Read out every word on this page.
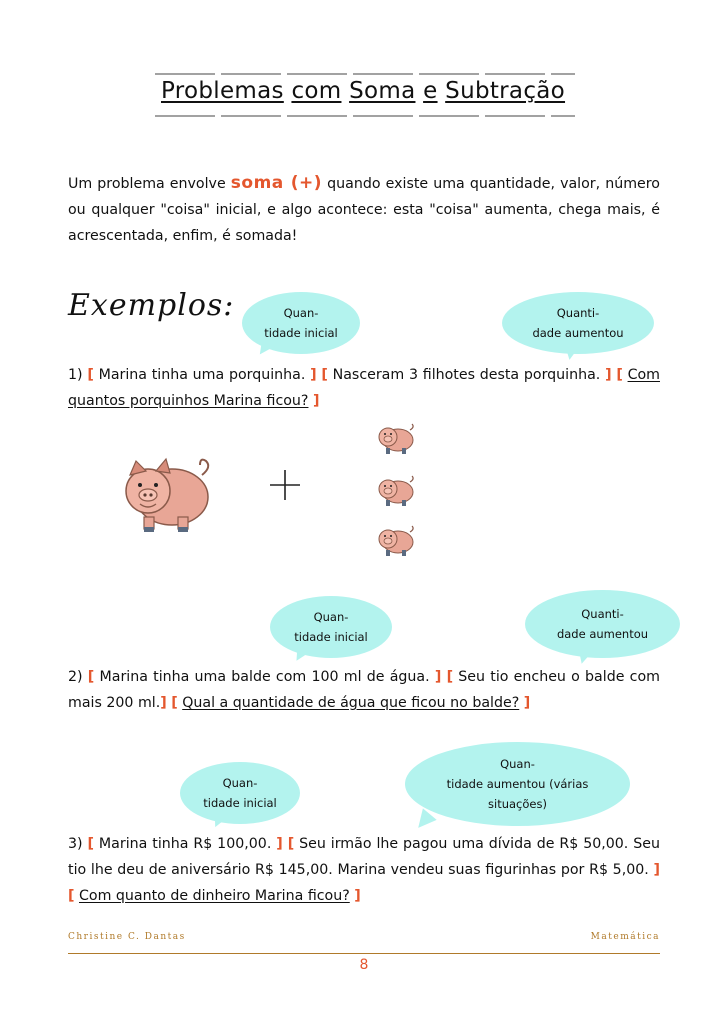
Problemas com Soma e Subtração
Um problema envolve soma (+) quando existe uma quantidade, valor, número ou qualquer "coisa" inicial, e algo acontece: esta "coisa" aumenta, chega mais, é acrescentada, enfim, é somada!
Exemplos:	Quan-
tidade inicial
Quanti-
dade aumentou
1) [ Marina tinha uma porquinha. ] [ Nasceram 3 filhotes desta porquinha. ] [ Com quantos porquinhos Marina ficou? ]
Quan-
tidade inicial
Quanti-
dade aumentou
2) [ Marina tinha uma balde com 100 ml de água. ] [ Seu tio encheu o balde com mais 200 ml.] [ Qual a quantidade de água que ficou no balde? ]
Quan-
tidade inicial
Quan-
tidade aumentou (várias
situações)
3) [ Marina tinha R$ 100,00. ] [ Seu irmão lhe pagou uma dívida de R$ 50,00. Seu tio lhe deu de aniversário R$ 145,00. Marina vendeu suas figurinhas por R$ 5,00. ] [ Com quanto de dinheiro Marina ficou? ]
Christine C. Dantas	Matemática
8
